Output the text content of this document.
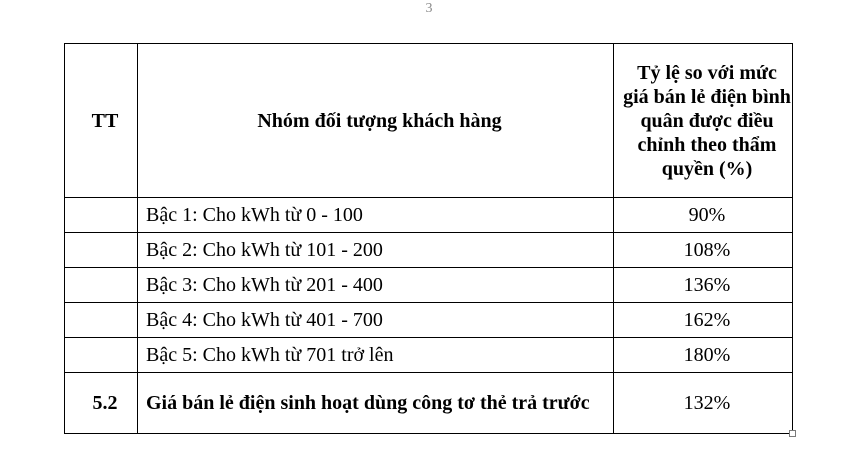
3
TT	Nhóm đối tượng khách hàng	Tỷ lệ so với mức giá bán lẻ điện bình quân được điều chỉnh theo thẩm quyền (%)
	Bậc 1: Cho kWh từ 0 - 100	90%
	Bậc 2: Cho kWh từ 101 - 200	108%
	Bậc 3: Cho kWh từ 201 - 400	136%
	Bậc 4: Cho kWh từ 401 - 700	162%
	Bậc 5: Cho kWh từ 701 trở lên	180%
5.2	Giá bán lẻ điện sinh hoạt dùng công tơ thẻ trả trước	132%
